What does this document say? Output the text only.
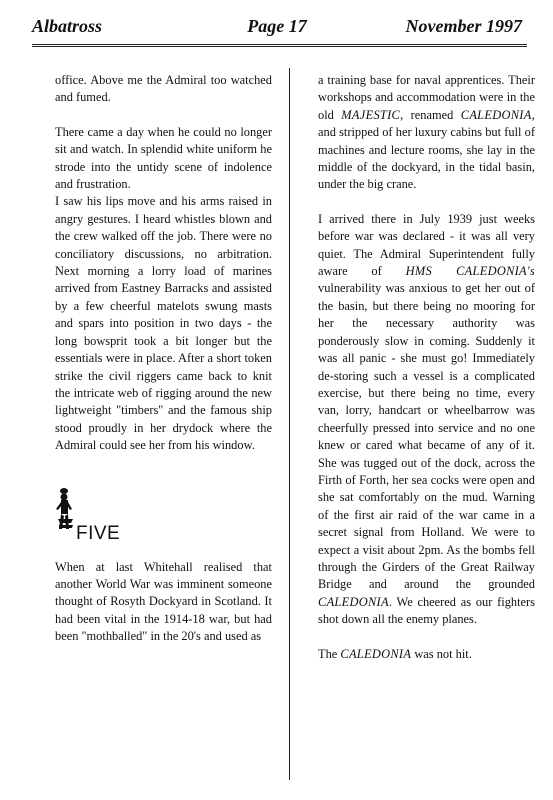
Albatross	Page 17	November 1997

office. Above me the Admiral too watched and fumed.

There came a day when he could no longer sit and watch. In splendid white uniform he strode into the untidy scene of indolence and frustration.

I saw his lips move and his arms raised in angry gestures. I heard whistles blown and the crew walked off the job. There were no conciliatory discussions, no arbitration. Next morning a lorry load of marines arrived from Eastney Barracks and assisted by a few cheerful matelots swung masts and spars into position in two days - the long bowsprit took a bit longer but the essentials were in place. After a short token strike the civil riggers came back to knit the intricate web of rigging around the new lightweight "timbers" and the famous ship stood proudly in her drydock where the Admiral could see her from his window.

FIVE

When at last Whitehall realised that another World War was imminent someone thought of Rosyth Dockyard in Scotland. It had been vital in the 1914-18 war, but had been "mothballed" in the 20's and used as

a training base for naval apprentices. Their workshops and accommodation were in the old MAJESTIC, renamed CALEDONIA, and stripped of her luxury cabins but full of machines and lecture rooms, she lay in the middle of the dockyard, in the tidal basin, under the big crane.

I arrived there in July 1939 just weeks before war was declared - it was all very quiet. The Admiral Superintendent fully aware of HMS CALEDONIA's vulnerability was anxious to get her out of the basin, but there being no mooring for her the necessary authority was ponderously slow in coming. Suddenly it was all panic - she must go! Immediately de-storing such a vessel is a complicated exercise, but there being no time, every van, lorry, handcart or wheelbarrow was cheerfully pressed into service and no one knew or cared what became of any of it. She was tugged out of the dock, across the Firth of Forth, her sea cocks were open and she sat comfortably on the mud. Warning of the first air raid of the war came in a secret signal from Holland. We were to expect a visit about 2pm. As the bombs fell through the Girders of the Great Railway Bridge and around the grounded CALEDONIA. We cheered as our fighters shot down all the enemy planes.

The CALEDONIA was not hit.
